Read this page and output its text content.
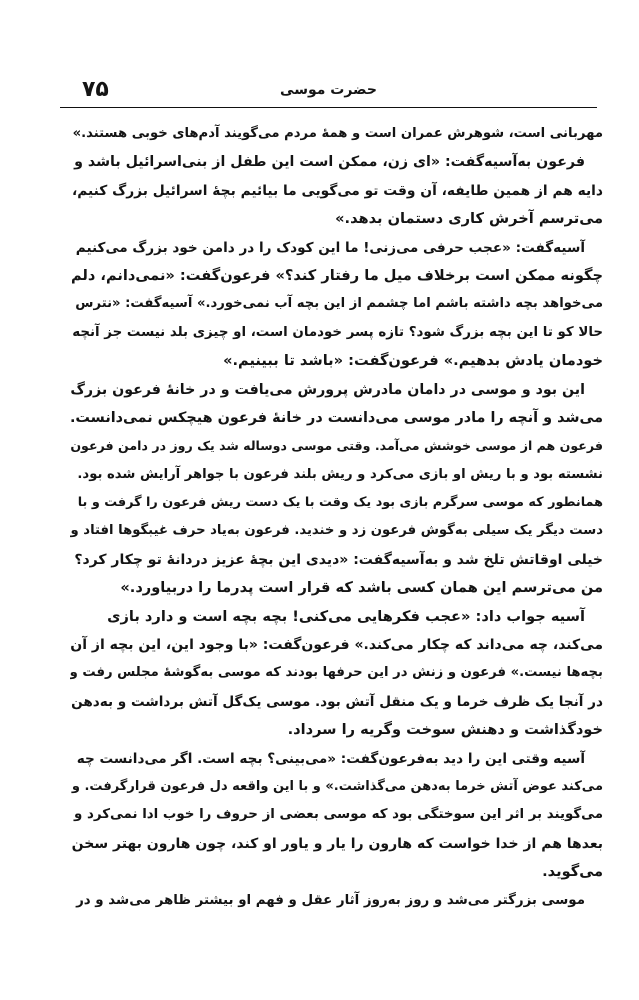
۷۵	حضرت موسی
مهربانی است، شوهرش عمران است و همهٔ مردم می‌گویند آدم‌های خوبی هستند.»
فرعون به‌آسیه‌گفت: «ای زن، ممکن است این طفل از بنی‌اسرائیل باشد و
دایه هم از همین طایفه، آن وقت تو می‌گویی ما بیائیم بچهٔ اسرائیل بزرگ کنیم،
می‌ترسم آخرش کاری دستمان بدهد.»
آسیه‌گفت: «عجب حرفی می‌زنی! ما این کودک را در دامن خود بزرگ می‌کنیم
چگونه ممکن است برخلاف میل ما رفتار کند؟» فرعون‌گفت: «نمی‌دانم، دلم
می‌خواهد بچه داشته باشم اما چشمم از این بچه آب نمی‌خورد.» آسیه‌گفت: «نترس
حالا کو تا این بچه بزرگ شود؟ تازه پسر خودمان است، او چیزی بلد نیست جز آنچه
خودمان یادش بدهیم.» فرعون‌گفت: «باشد تا ببینیم.»
این بود و موسی در دامان مادرش پرورش می‌یافت و در خانهٔ فرعون بزرگ
می‌شد و آنچه را مادر موسی می‌دانست در خانهٔ فرعون هیچکس نمی‌دانست.
فرعون هم از موسی خوشش می‌آمد. وقتی موسی دوساله شد یک روز در دامن فرعون
نشسته بود و با ریش او بازی می‌کرد و ریش بلند فرعون با جواهر آرایش شده بود.
همانطور که موسی سرگرم بازی بود یک وقت با یک دست ریش فرعون را گرفت و با
دست دیگر یک سیلی به‌گوش فرعون زد و خندید. فرعون به‌یاد حرف غیبگوها افتاد و
خیلی اوقاتش تلخ شد و به‌آسیه‌گفت: «دیدی این بچهٔ عزیز دردانهٔ تو چکار کرد؟
من می‌ترسم این همان کسی باشد که قرار است پدرما را دربیاورد.»
آسیه جواب داد: «عجب فکرهایی می‌کنی! بچه بچه است و دارد بازی
می‌کند، چه می‌داند که چکار می‌کند.» فرعون‌گفت: «با وجود این، این بچه از آن
بچه‌ها نیست.» فرعون و زنش در این حرفها بودند که موسی به‌گوشهٔ مجلس رفت و
در آنجا یک ظرف خرما و یک منقل آتش بود. موسی یک‌گل آتش برداشت و به‌دهن
خودگذاشت و دهنش سوخت وگریه را سرداد.
آسیه وقتی این را دید به‌فرعون‌گفت: «می‌بینی؟ بچه است. اگر می‌دانست چه
می‌کند عوض آتش خرما به‌دهن می‌گذاشت.» و با این واقعه دل فرعون قرارگرفت. و
می‌گویند بر اثر این سوختگی بود که موسی بعضی از حروف را خوب ادا نمی‌کرد و
بعدها هم از خدا خواست که هارون را یار و یاور او کند، چون هارون بهتر سخن
می‌گوید.
موسی بزرگتر می‌شد و روز به‌روز آثار عقل و فهم او بیشتر ظاهر می‌شد و در
